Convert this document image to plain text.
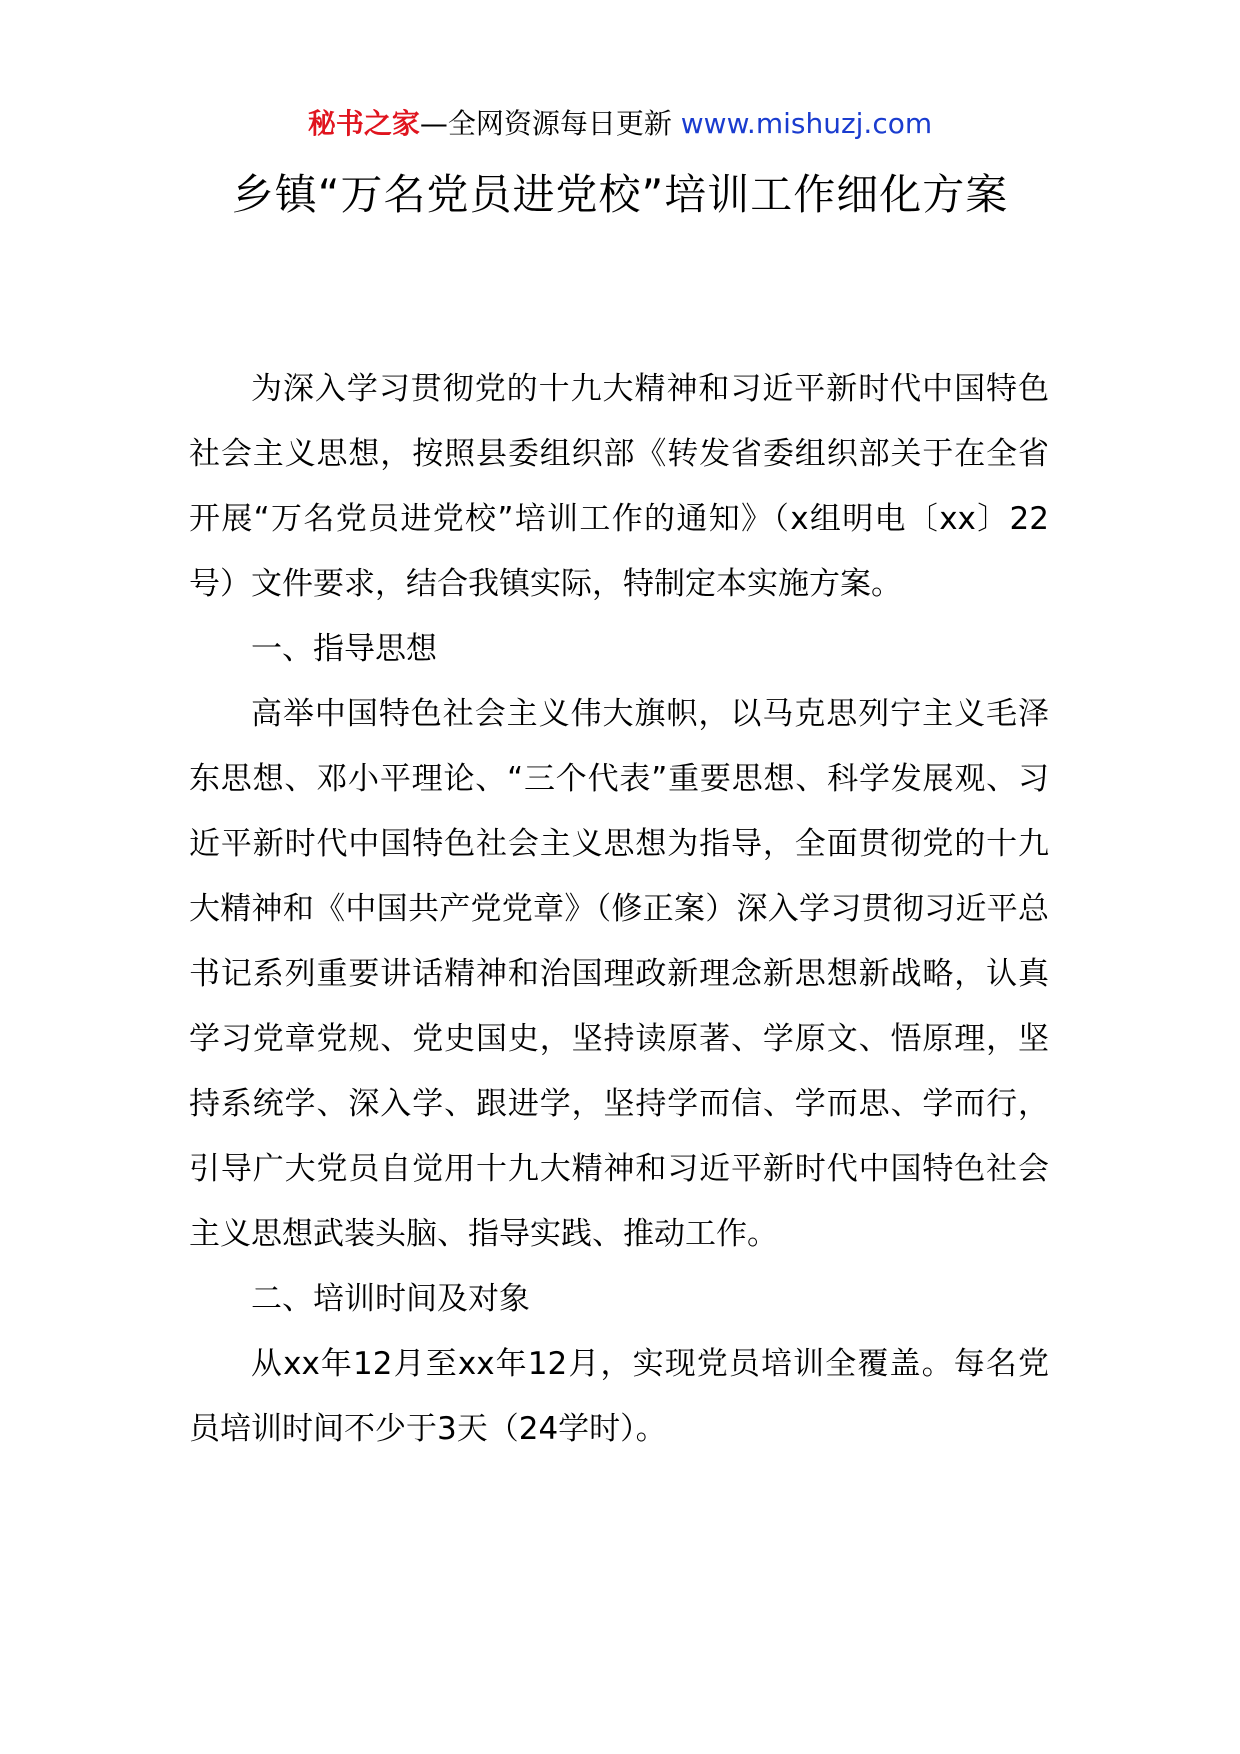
秘书之家—全网资源每日更新 www.mishuzj.com
乡镇“万名党员进党校”培训工作细化方案

为深入学习贯彻党的十九大精神和习近平新时代中国特色社会主义思想，按照县委组织部《转发省委组织部关于在全省开展“万名党员进党校”培训工作的通知》（x组明电〔xx〕22号）文件要求，结合我镇实际，特制定本实施方案。

一、指导思想

高举中国特色社会主义伟大旗帜，以马克思列宁主义毛泽东思想、邓小平理论、“三个代表”重要思想、科学发展观、习近平新时代中国特色社会主义思想为指导，全面贯彻党的十九大精神和《中国共产党党章》（修正案）深入学习贯彻习近平总书记系列重要讲话精神和治国理政新理念新思想新战略，认真学习党章党规、党史国史，坚持读原著、学原文、悟原理，坚持系统学、深入学、跟进学，坚持学而信、学而思、学而行，引导广大党员自觉用十九大精神和习近平新时代中国特色社会主义思想武装头脑、指导实践、推动工作。

二、培训时间及对象

从xx年12月至xx年12月，实现党员培训全覆盖。每名党员培训时间不少于3天（24学时）。
